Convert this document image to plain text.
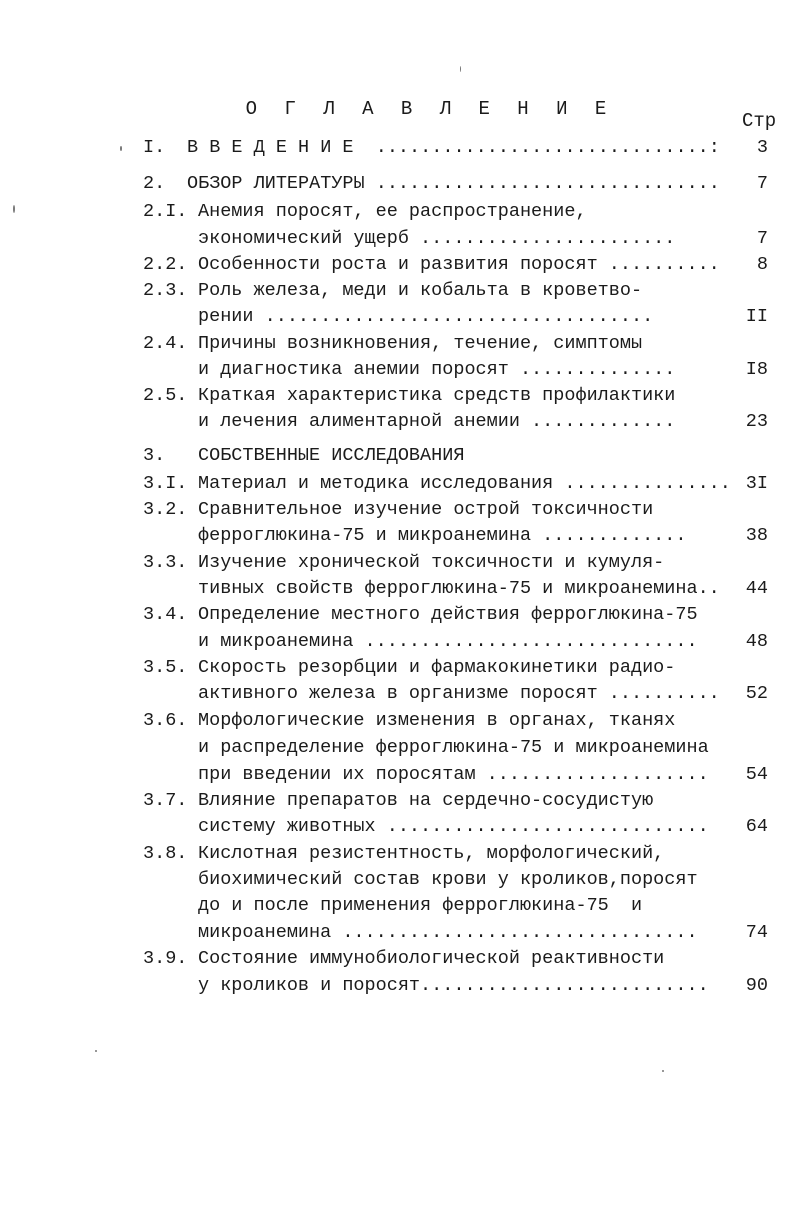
О Г Л А В Л Е Н И Е
Стр
I. В В Е Д Е Н И Е  ..............................: 3
2. ОБЗОР ЛИТЕРАТУРЫ ............................... 7
2.I. Анемия поросят, ее распространение,
экономический ущерб .......................	7
2.2. Особенности роста и развития поросят .......... 8
2.3. Роль железа, меди и кобальта в кроветво-
рении ...................................	II
2.4. Причины возникновения, течение, симптомы
и диагностика анемии поросят ..............	I8
2.5. Краткая характеристика средств профилактики
и лечения алиментарной анемии .............	23
3. СОБСТВЕННЫЕ ИССЛЕДОВАНИЯ
3.I. Материал и методика исследования ............... 3I
3.2. Сравнительное изучение острой токсичности
ферроглюкина-75 и микроанемина .............	38
3.3. Изучение хронической токсичности и кумуля-
тивных свойств ферроглюкина-75 и микроанемина.. 44
3.4. Определение местного действия ферроглюкина-75
и микроанемина ..............................	48
3.5. Скорость резорбции и фармакокинетики радио-
активного железа в организме поросят .......... 52
3.6. Морфологические изменения в органах, тканях
и распределение ферроглюкина-75 и микроанемина
при введении их поросятам .................... 54
3.7. Влияние препаратов на сердечно-сосудистую
систему животных ............................. 64
3.8. Кислотная резистентность, морфологический,
биохимический состав крови у кроликов,поросят
до и после применения ферроглюкина-75  и
микроанемина ................................	74
3.9. Состояние иммунобиологической реактивности
у кроликов и поросят.......................... 90
